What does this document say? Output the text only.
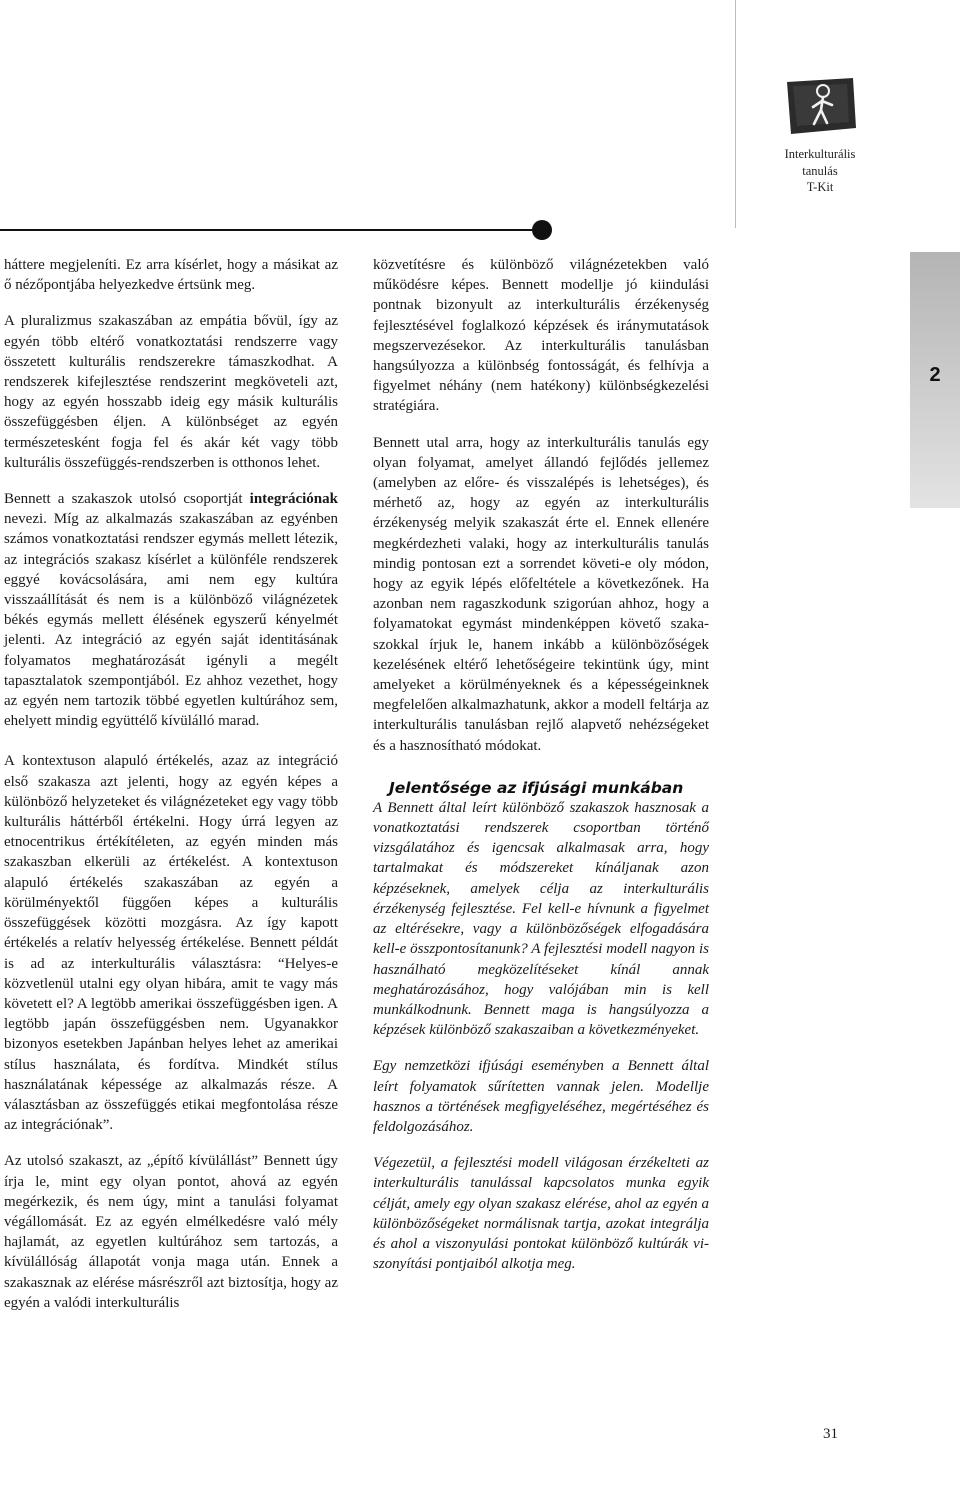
Interkulturális
tanulás
T-Kit
2

háttere megjeleníti. Ez arra kísérlet, hogy a másikat az ő nézőpontjába helyezkedve értsünk meg.

A pluralizmus szakaszában az empátia bővül, így az egyén több eltérő vonatkoztatási rendszerre vagy összetett kulturális rendszerekre támaszkodhat. A rendszerek kifejlesztése rendszerint megköveteli azt, hogy az egyén hosszabb ideig egy másik kulturális összefüggésben éljen. A különbséget az egyén természetesként fogja fel és akár két vagy több kulturális összefüggés-rendszerben is otthonos lehet.

Bennett a szakaszok utolsó csoportját integrációnak nevezi. Míg az alkalmazás szakaszában az egyénben számos vonatkoztatási rendszer egymás mellett létezik, az integrációs szakasz kísérlet a különféle rendszerek eggyé kovácsolására, ami nem egy kultúra visszaállítását és nem is a különböző világnézetek békés egymás mellett élésének egyszerű kényelmét jelenti. Az integráció az egyén saját identitásának folyamatos meghatározását igényli a megélt tapasztalatok szempontjából. Ez ahhoz vezethet, hogy az egyén nem tartozik többé egyetlen kultúrához sem, ehelyett mindig együttélő kívülálló marad.

A kontextuson alapuló értékelés, azaz az integráció első szakasza azt jelenti, hogy az egyén képes a különböző helyzeteket és világnézeteket egy vagy több kulturális háttérből értékelni. Hogy úrrá legyen az etnocentrikus értékítéleten, az egyén minden más szakaszban elkerüli az értékelést. A kontextuson alapuló értékelés szakaszában az egyén a körülményektől függően képes a kulturális összefüggések közötti mozgásra. Az így kapott értékelés a relatív helyesség értékelése. Bennett példát is ad az interkulturális választásra: “Helyes-e közvetlenül utalni egy olyan hibára, amit te vagy más követett el? A legtöbb amerikai összefüggésben igen. A legtöbb japán összefüggésben nem. Ugyanakkor bizonyos esetekben Japánban helyes lehet az amerikai stílus használata, és fordítva. Mindkét stílus használatának képessége az alkalmazás része. A választásban az összefüggés etikai megfontolása része az integrációnak”.

Az utolsó szakaszt, az „építő kívülállást” Bennett úgy írja le, mint egy olyan pontot, ahová az egyén megérkezik, és nem úgy, mint a tanulási folyamat végállomását. Ez az egyén elmélkedésre való mély hajlamát, az egyetlen kultúrához sem tartozás, a kívülállóság állapotát vonja maga után. Ennek a szakasznak az elérése másrészről azt biztosítja, hogy az egyén a valódi interkulturális

közvetítésre és különböző világnézetekben való működésre képes. Bennett modellje jó kiindulási pontnak bizonyult az interkulturális érzékenység fejlesztésével foglalkozó képzések és iránymutatások megszervezésekor. Az interkulturális tanulásban hangsúlyozza a különbség fontosságát, és felhívja a figyelmet néhány (nem hatékony) különbségkezelési stratégiára.

Bennett utal arra, hogy az interkulturális tanulás egy olyan folyamat, amelyet állandó fejlődés jellemez (amelyben az előre- és visszalépés is lehetséges), és mérhető az, hogy az egyén az interkulturális érzékenység melyik szakaszát érte el. Ennek ellenére megkérdezheti valaki, hogy az interkulturális tanulás mindig pontosan ezt a sorrendet követi-e oly módon, hogy az egyik lépés előfeltétele a következőnek. Ha azonban nem ragaszkodunk szigorúan ahhoz, hogy a folyamatokat egymást mindenképpen követő szakaszokkal írjuk le, hanem inkább a különbözőségek kezelésének eltérő lehetőségeire tekintünk úgy, mint amelyeket a körülményeknek és a képességeinknek megfelelően alkalmazhatunk, akkor a modell feltárja az interkulturális tanulásban rejlő alapvető nehézségeket és a hasznosítható módokat.

Jelentősége az ifjúsági munkában

A Bennett által leírt különböző szakaszok hasznosak a vonatkoztatási rendszerek csoportban történő vizsgálatához és igencsak alkalmasak arra, hogy tartalmakat és módszereket kínáljanak azon képzéseknek, amelyek célja az interkulturális érzékenység fejlesztése. Fel kell-e hívnunk a figyelmet az eltérésekre, vagy a különbözőségek elfogadására kell-e összpontosítanunk? A fejlesztési modell nagyon is használható megközelítéseket kínál annak meghatározásához, hogy valójában min is kell munkálkodnunk. Bennett maga is hangsúlyozza a képzések különböző szakaszaiban a következményeket.

Egy nemzetközi ifjúsági eseményben a Bennett által leírt folyamatok sűrítetten vannak jelen. Modellje hasznos a történések megfigyeléséhez, megértéséhez és feldolgozásához.

Végezetül, a fejlesztési modell világosan érzékelteti az interkulturális tanulással kapcsolatos munka egyik célját, amely egy olyan szakasz elérése, ahol az egyén a különbözőségeket normálisnak tartja, azokat integrálja és ahol a viszonyulási pontokat különböző kultúrák viszonyítási pontjaiból alkotja meg.

31
